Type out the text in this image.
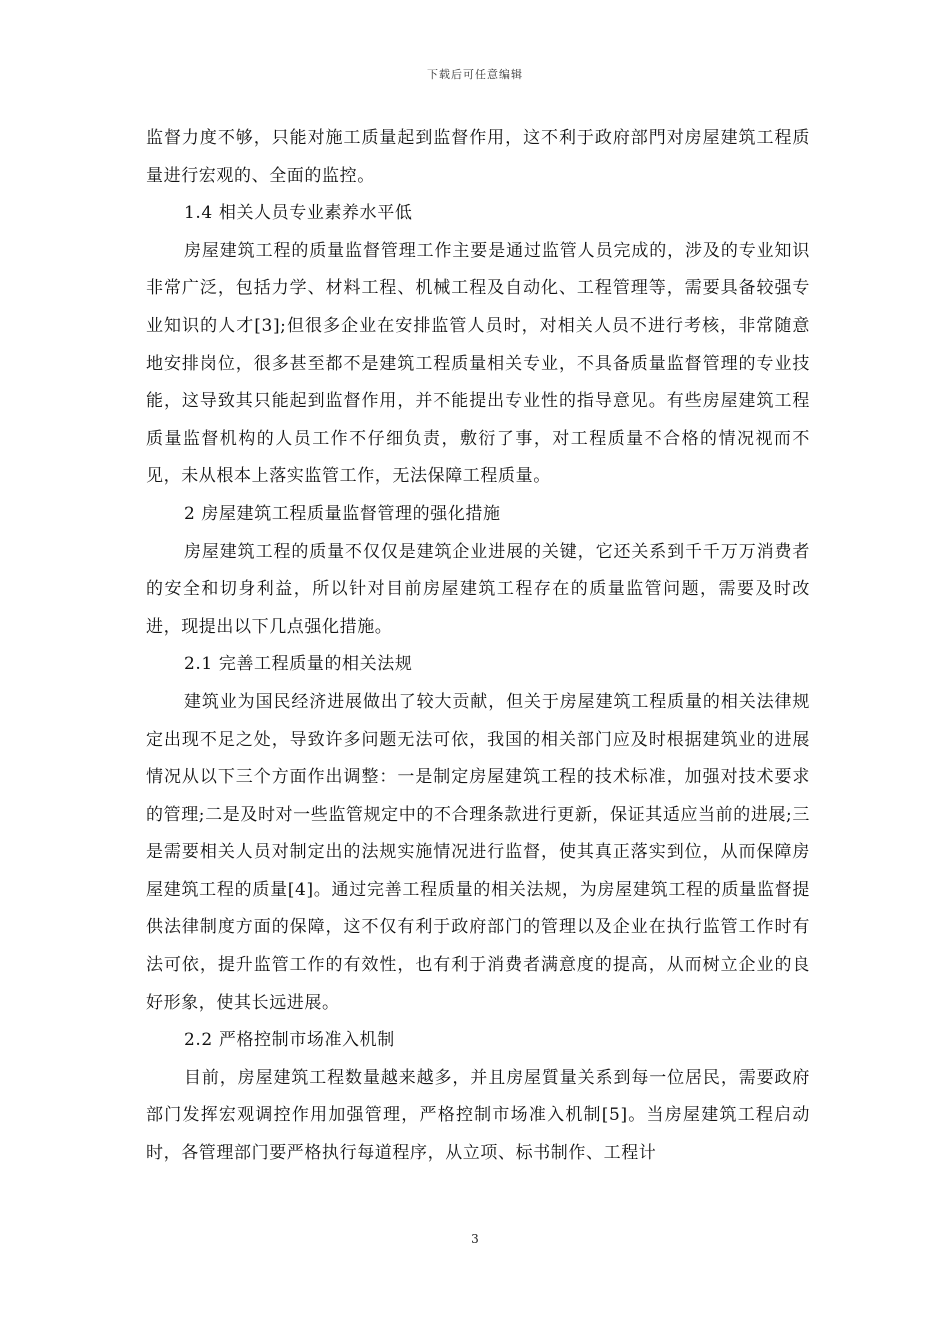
下载后可任意编辑

监督力度不够，只能对施工质量起到监督作用，这不利于政府部門对房屋建筑工程质量进行宏观的、全面的监控。

1.4 相关人员专业素养水平低

房屋建筑工程的质量监督管理工作主要是通过监管人员完成的，涉及的专业知识非常广泛，包括力学、材料工程、机械工程及自动化、工程管理等，需要具备较强专业知识的人才[3];但很多企业在安排监管人员时，对相关人员不进行考核，非常随意地安排岗位，很多甚至都不是建筑工程质量相关专业，不具备质量监督管理的专业技能，这导致其只能起到监督作用，并不能提出专业性的指导意见。有些房屋建筑工程质量监督机构的人员工作不仔细负责，敷衍了事，对工程质量不合格的情况视而不见，未从根本上落实监管工作，无法保障工程质量。

2 房屋建筑工程质量监督管理的强化措施

房屋建筑工程的质量不仅仅是建筑企业进展的关键，它还关系到千千万万消费者的安全和切身利益，所以针对目前房屋建筑工程存在的质量监管问题，需要及时改进，现提出以下几点强化措施。

2.1 完善工程质量的相关法规

建筑业为国民经济进展做出了较大贡献，但关于房屋建筑工程质量的相关法律规定出现不足之处，导致许多问题无法可依，我国的相关部门应及时根据建筑业的进展情况从以下三个方面作出调整：一是制定房屋建筑工程的技术标准，加强对技术要求的管理;二是及时对一些监管规定中的不合理条款进行更新，保证其适应当前的进展;三是需要相关人员对制定出的法规实施情况进行监督，使其真正落实到位，从而保障房屋建筑工程的质量[4]。通过完善工程质量的相关法规，为房屋建筑工程的质量监督提供法律制度方面的保障，这不仅有利于政府部门的管理以及企业在执行监管工作时有法可依，提升监管工作的有效性，也有利于消费者满意度的提高，从而树立企业的良好形象，使其长远进展。

2.2 严格控制市场准入机制

目前，房屋建筑工程数量越来越多，并且房屋質量关系到每一位居民，需要政府部门发挥宏观调控作用加强管理，严格控制市场准入机制[5]。当房屋建筑工程启动时，各管理部门要严格执行每道程序，从立项、标书制作、工程计

3
